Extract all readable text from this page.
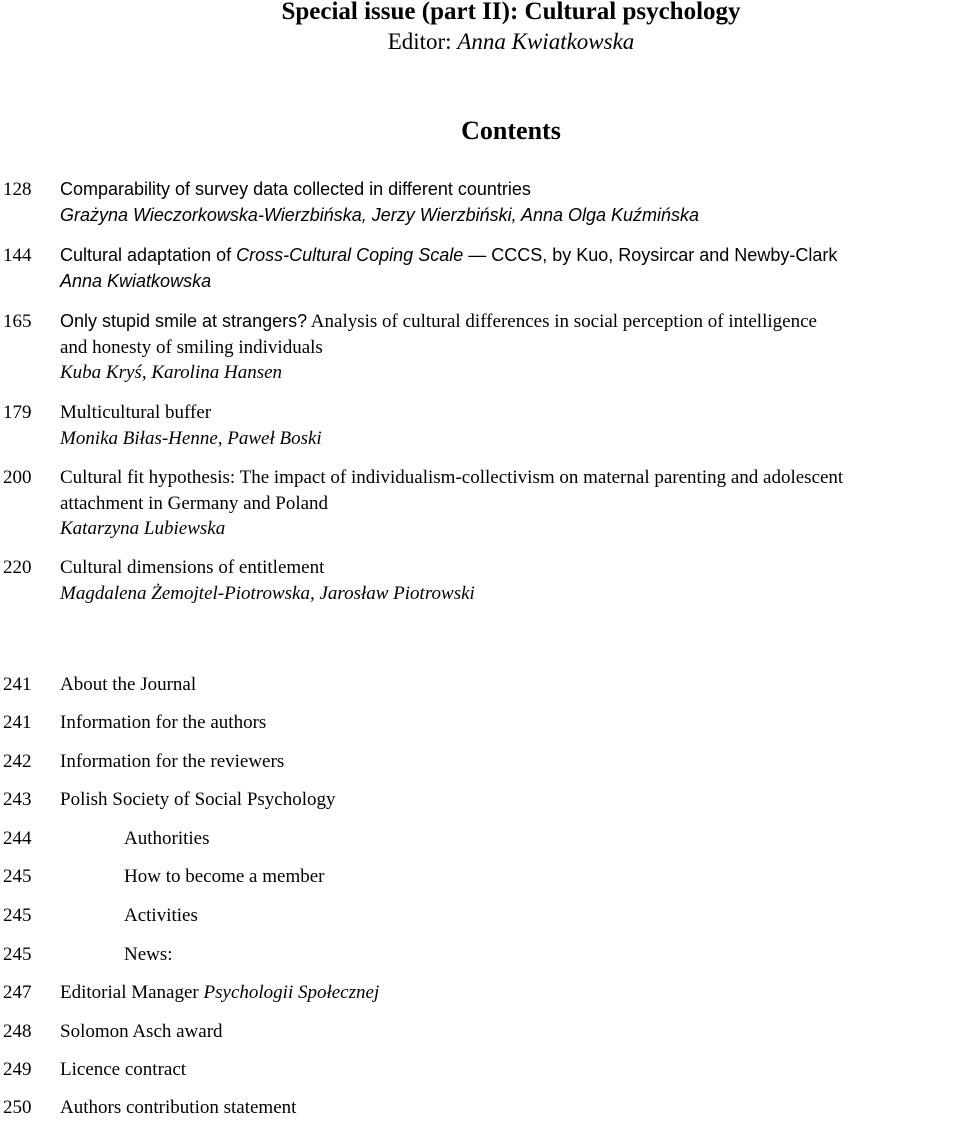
Special issue (part II): Cultural psychology
Editor: Anna Kwiatkowska
Contents
128 Comparability of survey data collected in different countries
Grażyna Wieczorkowska-Wierzbińska, Jerzy Wierzbiński, Anna Olga Kuźmińska
144 Cultural adaptation of Cross-Cultural Coping Scale — CCCS, by Kuo, Roysircar and Newby-Clark
Anna Kwiatkowska
165 Only stupid smile at strangers? Analysis of cultural differences in social perception of intelligence
and honesty of smiling individuals
Kuba Kryś, Karolina Hansen
179 Multicultural buffer
Monika Biłas-Henne, Paweł Boski
200 Cultural fit hypothesis: The impact of individualism-collectivism on maternal parenting and adolescent
attachment in Germany and Poland
Katarzyna Lubiewska
220 Cultural dimensions of entitlement
Magdalena Żemojtel-Piotrowska, Jarosław Piotrowski
241 About the Journal
241 Information for the authors
242 Information for the reviewers
243 Polish Society of Social Psychology
244	Authorities
245	How to become a member
245	Activities
245	News:
247 Editorial Manager Psychologii Społecznej
248 Solomon Asch award
249 Licence contract
250 Authors contribution statement
